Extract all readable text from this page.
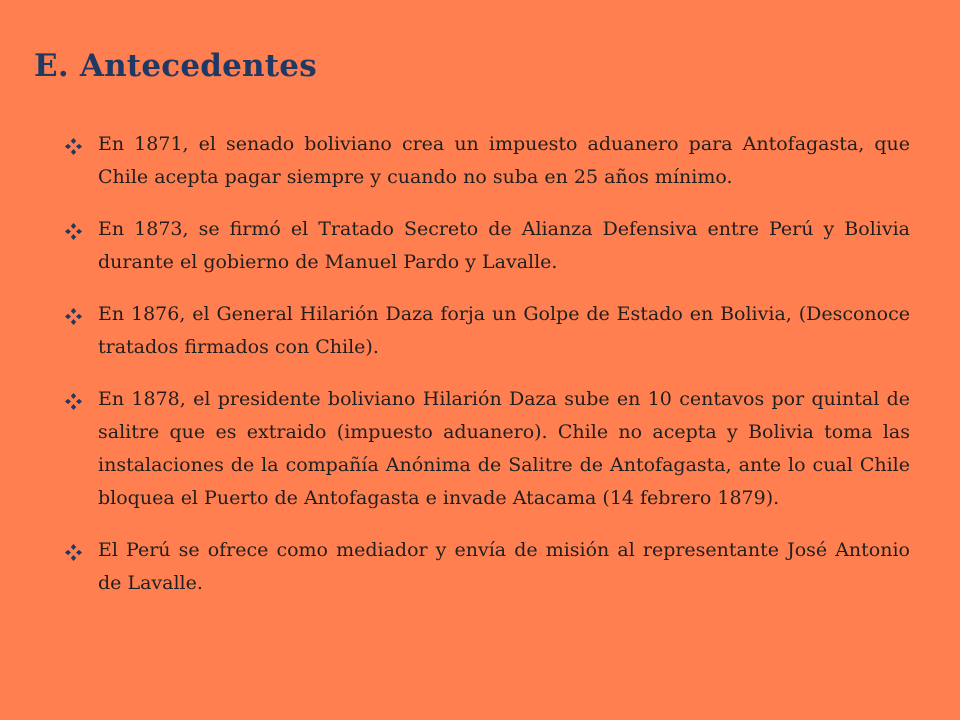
E. Antecedentes
En 1871, el senado boliviano crea un impuesto aduanero para Antofagasta, que Chile acepta pagar siempre y cuando no suba en 25 años mínimo.
En 1873, se firmó el Tratado Secreto de Alianza Defensiva entre Perú y Bolivia durante el gobierno de Manuel Pardo y Lavalle.
En 1876, el General Hilarión Daza forja un Golpe de Estado en Bolivia, (Desconoce tratados firmados con Chile).
En 1878, el presidente boliviano Hilarión Daza sube en 10 centavos por quintal de salitre que es extraido (impuesto aduanero). Chile no acepta y Bolivia toma las instalaciones de la compañía Anónima de Salitre de Antofagasta, ante lo cual Chile bloquea el Puerto de Antofagasta e invade Atacama (14 febrero 1879).
El Perú se ofrece como mediador y envía de misión al representante José Antonio de Lavalle.
